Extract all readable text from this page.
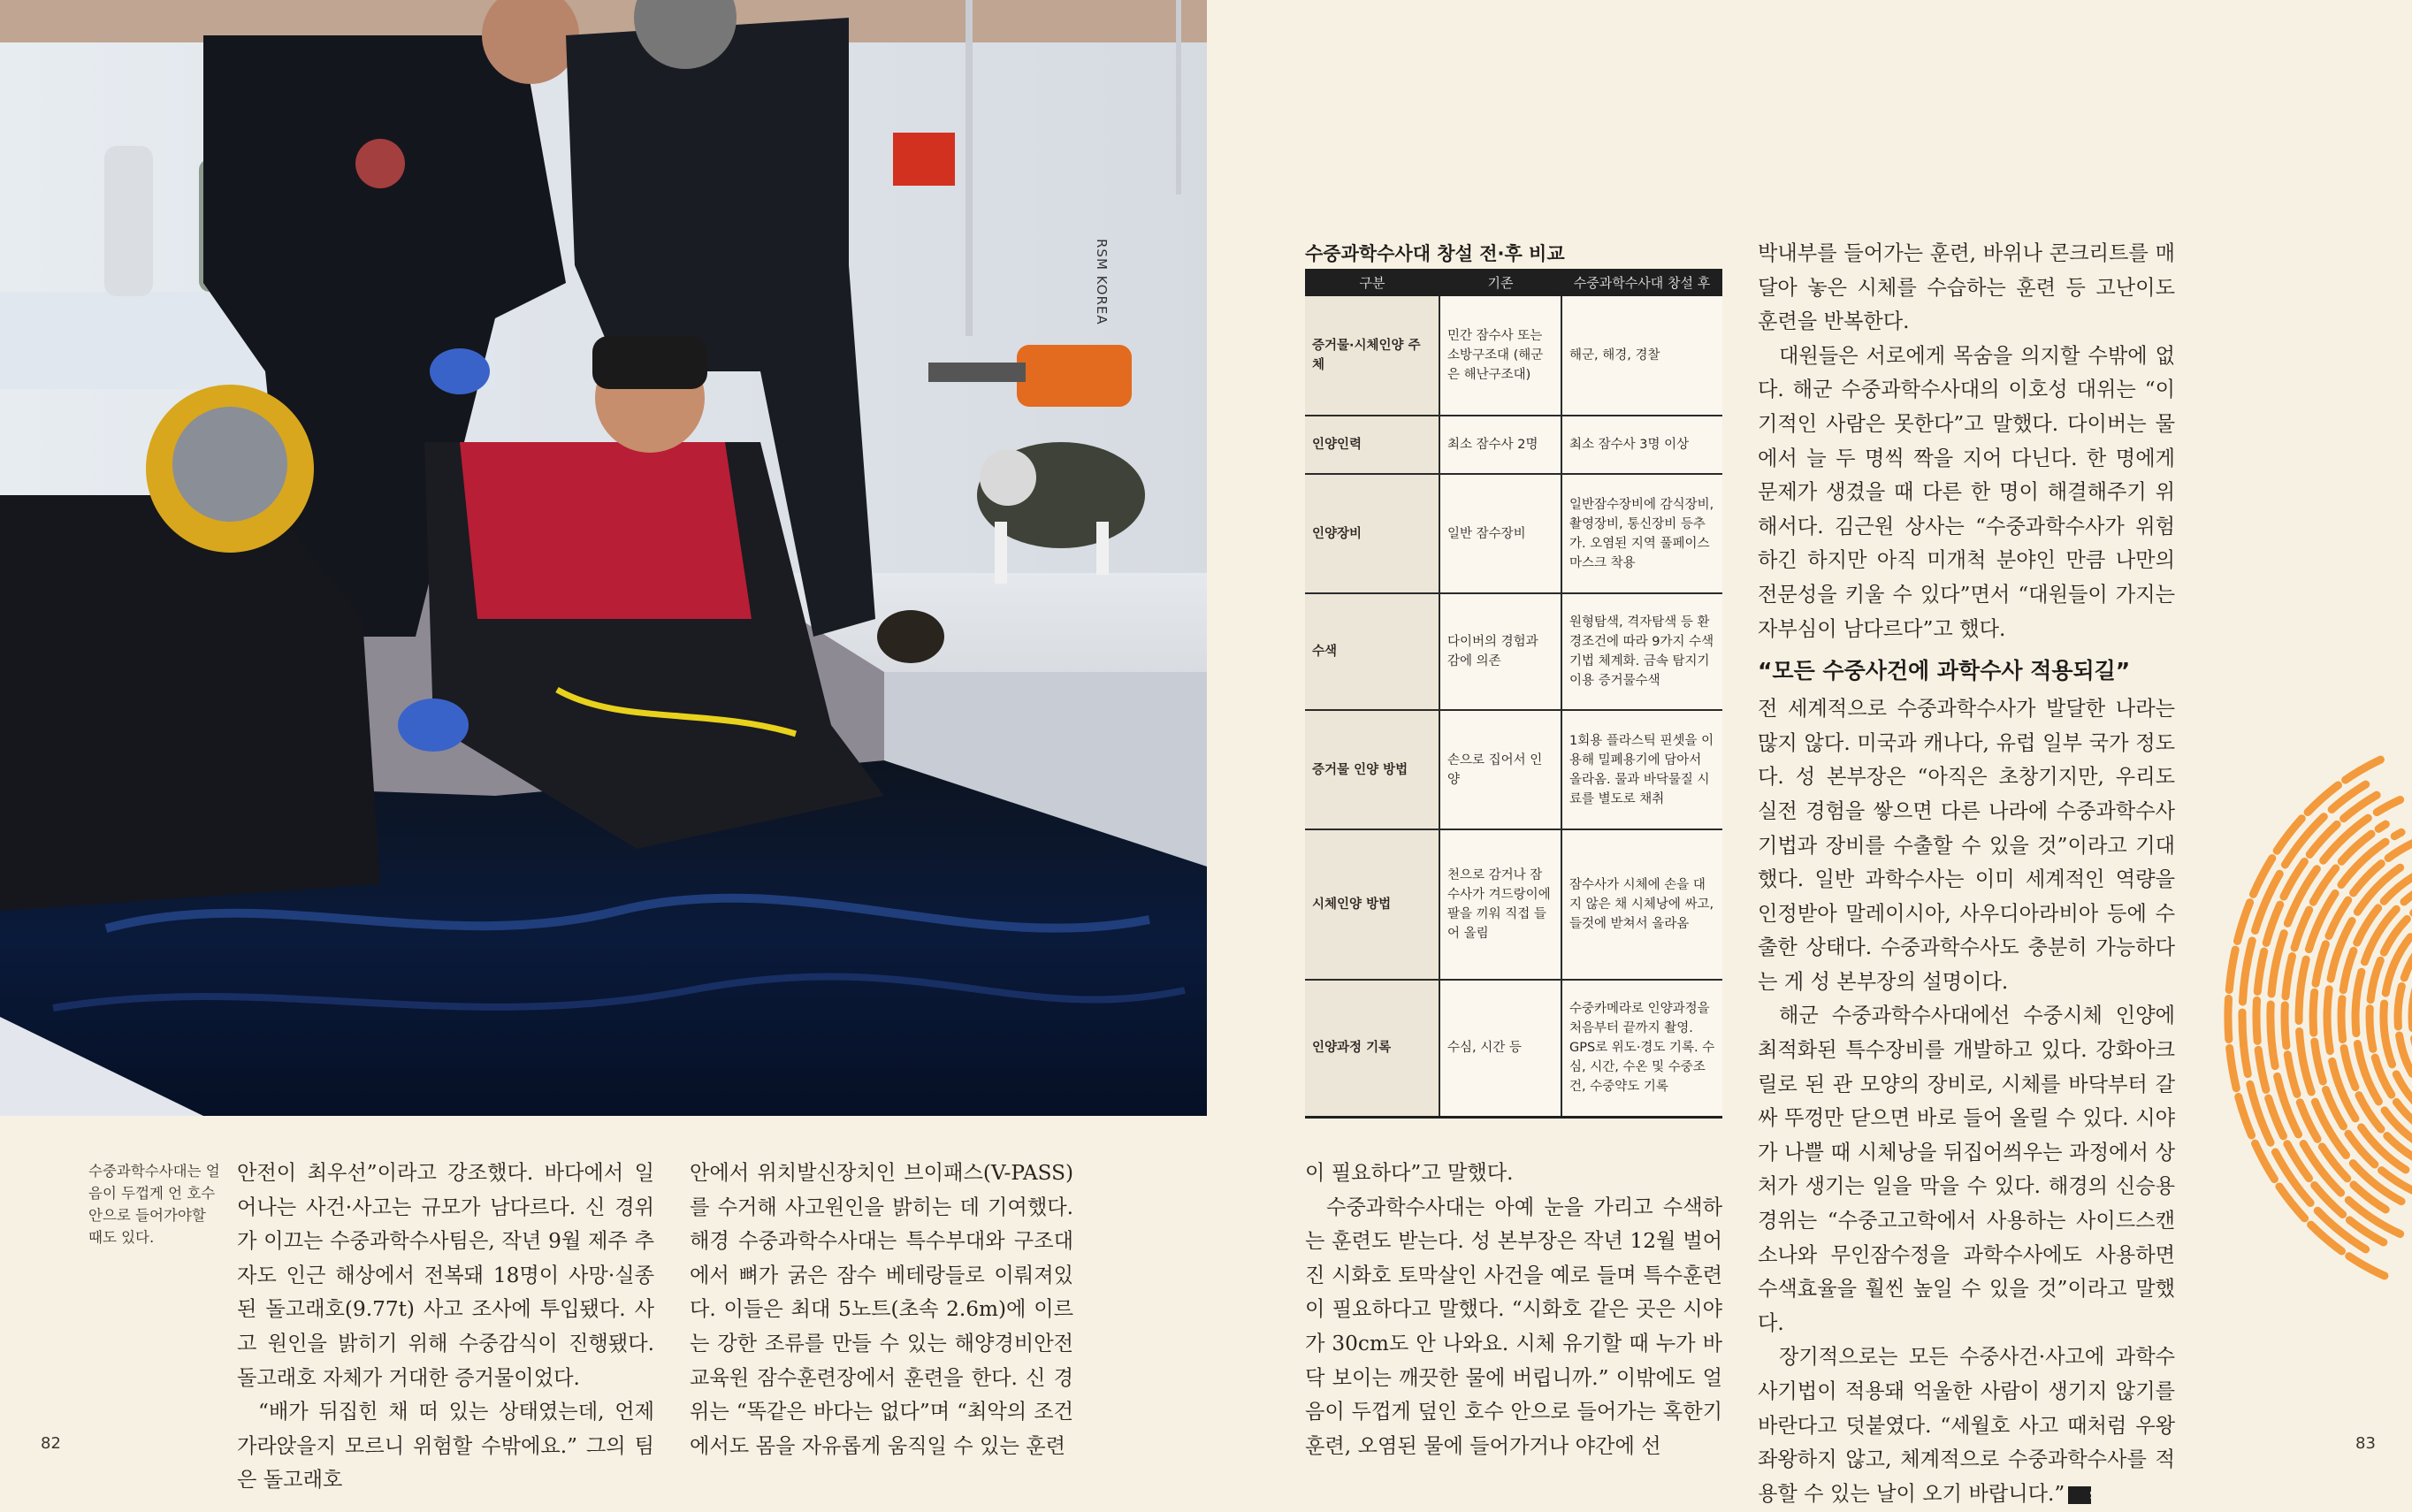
RSM KOREA
수중과학수사대는 얼음이 두껍게 언 호수 안으로 들어가야할 때도 있다.

안전이 최우선”이라고 강조했다. 바다에서 일어나는 사건·사고는 규모가 남다르다. 신 경위가 이끄는 수중과학수사팀은, 작년 9월 제주 추자도 인근 해상에서 전복돼 18명이 사망·실종된 돌고래호(9.77t) 사고 조사에 투입됐다. 사고 원인을 밝히기 위해 수중감식이 진행됐다. 돌고래호 자체가 거대한 증거물이었다.

“배가 뒤집힌 채 떠 있는 상태였는데, 언제 가라앉을지 모르니 위험할 수밖에요.” 그의 팀은 돌고래호

안에서 위치발신장치인 브이패스(V-PASS)를 수거해 사고원인을 밝히는 데 기여했다. 해경 수중과학수사대는 특수부대와 구조대에서 뼈가 굵은 잠수 베테랑들로 이뤄져있다. 이들은 최대 5노트(초속 2.6m)에 이르는 강한 조류를 만들 수 있는 해양경비안전교육원 잠수훈련장에서 훈련을 한다. 신 경위는 “똑같은 바다는 없다”며 “최악의 조건에서도 몸을 자유롭게 움직일 수 있는 훈련

82
수중과학수사대 창설 전·후 비교
구분	기존	수중과학수사대 창설 후
증거물·시체인양 주체	민간 잠수사 또는 소방구조대 (해군은 해난구조대)	해군, 해경, 경찰
인양인력	최소 잠수사 2명	최소 잠수사 3명 이상
인양장비	일반 잠수장비	일반잠수장비에 감식장비, 촬영장비, 통신장비 등추가. 오염된 지역 풀페이스마스크 착용
수색	다이버의 경험과 감에 의존	원형탐색, 격자탐색 등 환경조건에 따라 9가지 수색기법 체계화. 금속 탐지기 이용 증거물수색
증거물 인양 방법	손으로 집어서 인양	1회용 플라스틱 핀셋을 이용해 밀폐용기에 담아서 올라옴. 물과 바닥물질 시료를 별도로 채취
시체인양 방법	천으로 감거나 잠수사가 겨드랑이에 팔을 끼워 직접 들어 올림	잠수사가 시체에 손을 대지 않은 채 시체낭에 싸고, 들것에 받쳐서 올라옴
인양과정 기록	수심, 시간 등	수중카메라로 인양과정을 처음부터 끝까지 촬영. GPS로 위도·경도 기록. 수심, 시간, 수온 및 수중조건, 수중약도 기록

이 필요하다”고 말했다.

수중과학수사대는 아예 눈을 가리고 수색하는 훈련도 받는다. 성 본부장은 작년 12월 벌어진 시화호 토막살인 사건을 예로 들며 특수훈련이 필요하다고 말했다. “시화호 같은 곳은 시야가 30cm도 안 나와요. 시체 유기할 때 누가 바닥 보이는 깨끗한 물에 버립니까.” 이밖에도 얼음이 두껍게 덮인 호수 안으로 들어가는 혹한기 훈련, 오염된 물에 들어가거나 야간에 선

박내부를 들어가는 훈련, 바위나 콘크리트를 매달아 놓은 시체를 수습하는 훈련 등 고난이도 훈련을 반복한다.

대원들은 서로에게 목숨을 의지할 수밖에 없다. 해군 수중과학수사대의 이호성 대위는 “이기적인 사람은 못한다”고 말했다. 다이버는 물에서 늘 두 명씩 짝을 지어 다닌다. 한 명에게 문제가 생겼을 때 다른 한 명이 해결해주기 위해서다. 김근원 상사는 “수중과학수사가 위험하긴 하지만 아직 미개척 분야인 만큼 나만의 전문성을 키울 수 있다”면서 “대원들이 가지는 자부심이 남다르다”고 했다.

“모든 수중사건에 과학수사 적용되길”

전 세계적으로 수중과학수사가 발달한 나라는 많지 않다. 미국과 캐나다, 유럽 일부 국가 정도다. 성 본부장은 “아직은 초창기지만, 우리도 실전 경험을 쌓으면 다른 나라에 수중과학수사 기법과 장비를 수출할 수 있을 것”이라고 기대했다. 일반 과학수사는 이미 세계적인 역량을 인정받아 말레이시아, 사우디아라비아 등에 수출한 상태다. 수중과학수사도 충분히 가능하다는 게 성 본부장의 설명이다.

해군 수중과학수사대에선 수중시체 인양에 최적화된 특수장비를 개발하고 있다. 강화아크릴로 된 관 모양의 장비로, 시체를 바닥부터 갈싸 뚜껑만 닫으면 바로 들어 올릴 수 있다. 시야가 나쁠 때 시체낭을 뒤집어씌우는 과정에서 상처가 생기는 일을 막을 수 있다. 해경의 신승용 경위는 “수중고고학에서 사용하는 사이드스캔소나와 무인잠수정을 과학수사에도 사용하면 수색효율을 훨씬 높일 수 있을 것”이라고 말했다.

장기적으로는 모든 수중사건·사고에 과학수사기법이 적용돼 억울한 사람이 생기지 않기를 바란다고 덧붙였다. “세월호 사고 때처럼 우왕좌왕하지 않고, 체계적으로 수중과학수사를 적용할 수 있는 날이 오기 바랍니다.” SD

83
